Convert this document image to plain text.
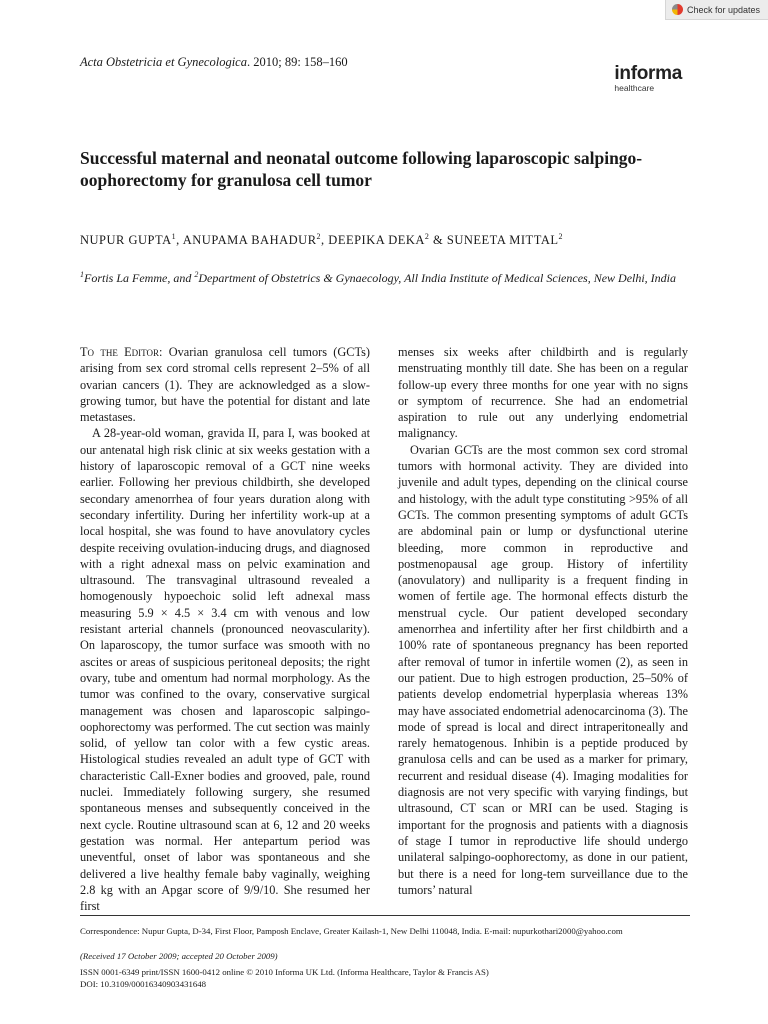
Check for updates
Acta Obstetricia et Gynecologica. 2010; 89: 158–160
informa
healthcare
Successful maternal and neonatal outcome following laparoscopic salpingo-oophorectomy for granulosa cell tumor
NUPUR GUPTA$^1$, ANUPAMA BAHADUR$^2$, DEEPIKA DEKA$^2$ & SUNEETA MITTAL$^2$
$^1$Fortis La Femme, and $^2$Department of Obstetrics & Gynaecology, All India Institute of Medical Sciences, New Delhi, India

To the Editor: Ovarian granulosa cell tumors (GCTs) arising from sex cord stromal cells represent 2–5% of all ovarian cancers (1). They are acknowledged as a slow-growing tumor, but have the potential for distant and late metastases.

A 28-year-old woman, gravida II, para I, was booked at our antenatal high risk clinic at six weeks gestation with a history of laparoscopic removal of a GCT nine weeks earlier. Following her previous childbirth, she developed secondary amenorrhea of four years duration along with secondary infertility. During her infertility work-up at a local hospital, she was found to have anovulatory cycles despite receiving ovulation-inducing drugs, and diagnosed with a right adnexal mass on pelvic examination and ultrasound. The transvaginal ultrasound revealed a homogenously hypoechoic solid left adnexal mass measuring 5.9 × 4.5 × 3.4 cm with venous and low resistant arterial channels (pronounced neovascularity). On laparoscopy, the tumor surface was smooth with no ascites or areas of suspicious peritoneal deposits; the right ovary, tube and omentum had normal morphology. As the tumor was confined to the ovary, conservative surgical management was chosen and laparoscopic salpingo-oophorectomy was performed. The cut section was mainly solid, of yellow tan color with a few cystic areas. Histological studies revealed an adult type of GCT with characteristic Call-Exner bodies and grooved, pale, round nuclei. Immediately following surgery, she resumed spontaneous menses and subsequently conceived in the next cycle. Routine ultrasound scan at 6, 12 and 20 weeks gestation was normal. Her antepartum period was uneventful, onset of labor was spontaneous and she delivered a live healthy female baby vaginally, weighing 2.8 kg with an Apgar score of 9/9/10. She resumed her first

menses six weeks after childbirth and is regularly menstruating monthly till date. She has been on a regular follow-up every three months for one year with no signs or symptom of recurrence. She had an endometrial aspiration to rule out any underlying endometrial malignancy.

Ovarian GCTs are the most common sex cord stromal tumors with hormonal activity. They are divided into juvenile and adult types, depending on the clinical course and histology, with the adult type constituting >95% of all GCTs. The common presenting symptoms of adult GCTs are abdominal pain or lump or dysfunctional uterine bleeding, more common in reproductive and postmenopausal age group. History of infertility (anovulatory) and nulliparity is a frequent finding in women of fertile age. The hormonal effects disturb the menstrual cycle. Our patient developed secondary amenorrhea and infertility after her first childbirth and a 100% rate of spontaneous pregnancy has been reported after removal of tumor in infertile women (2), as seen in our patient. Due to high estrogen production, 25–50% of patients develop endometrial hyperplasia whereas 13% may have associated endometrial adenocarcinoma (3). The mode of spread is local and direct intraperitoneally and rarely hematogenous. Inhibin is a peptide produced by granulosa cells and can be used as a marker for primary, recurrent and residual disease (4). Imaging modalities for diagnosis are not very specific with varying findings, but ultrasound, CT scan or MRI can be used. Staging is important for the prognosis and patients with a diagnosis of stage I tumor in reproductive life should undergo unilateral salpingo-oophorectomy, as done in our patient, but there is a need for long-tem surveillance due to the tumors’ natural

Correspondence: Nupur Gupta, D-34, First Floor, Pamposh Enclave, Greater Kailash-1, New Delhi 110048, India. E-mail: nupurkothari2000@yahoo.com
(Received 17 October 2009; accepted 20 October 2009)
ISSN 0001-6349 print/ISSN 1600-0412 online © 2010 Informa UK Ltd. (Informa Healthcare, Taylor & Francis AS)
DOI: 10.3109/00016340903431648
